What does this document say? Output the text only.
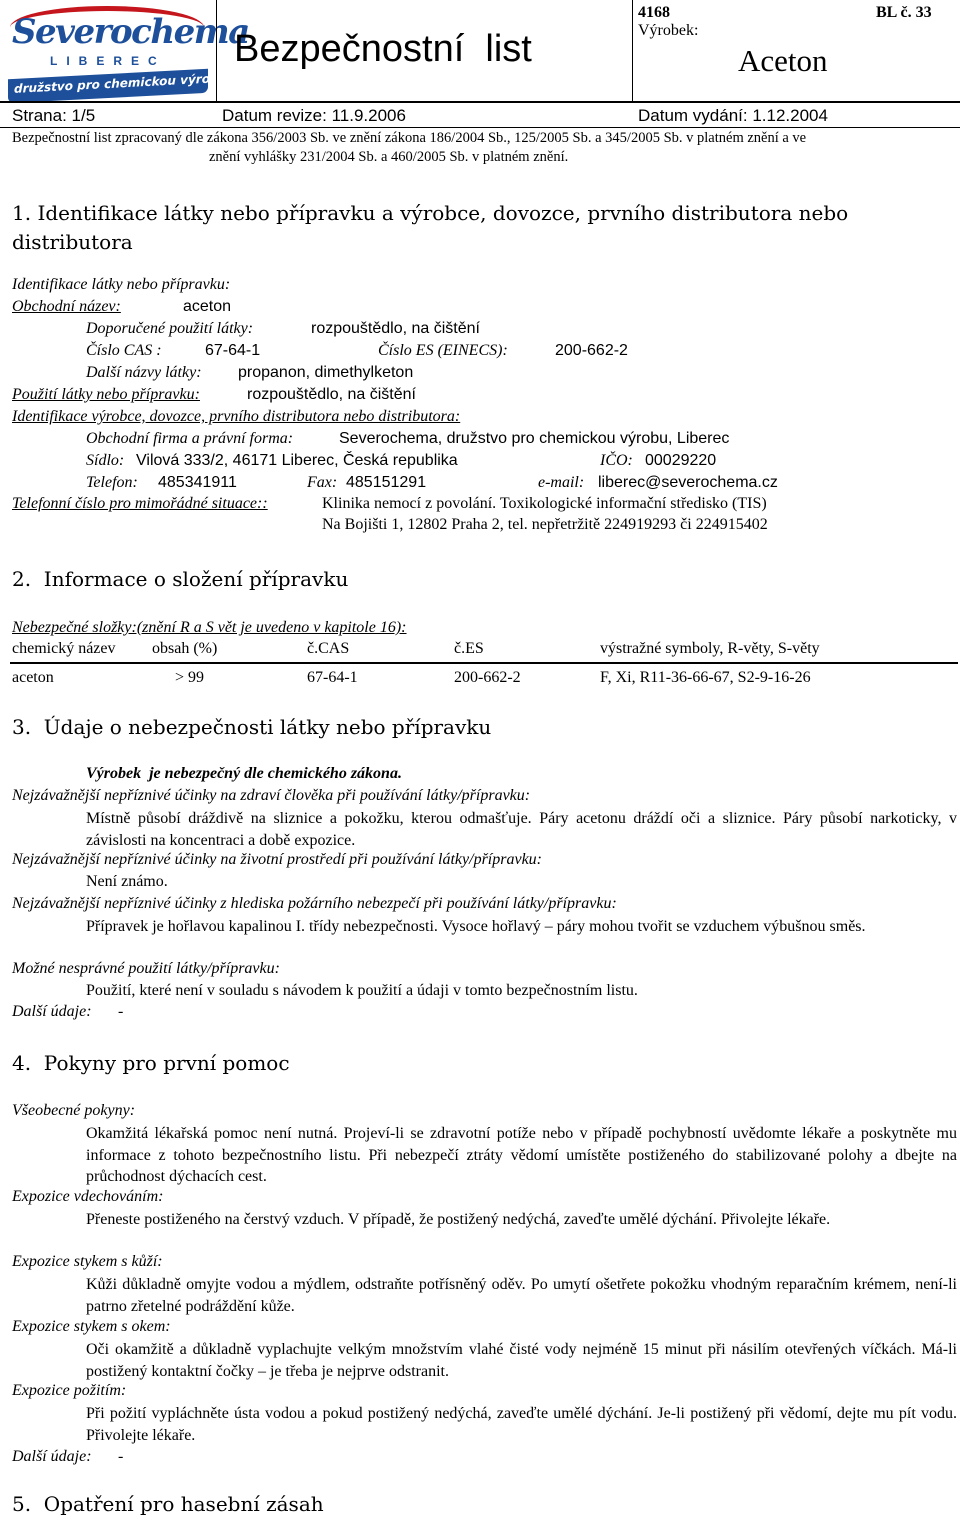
Severochema
LIBEREC
družstvo pro chemickou výrobu
Bezpečnostní  list
4168
Výrobek:
Aceton
BL č. 33
Strana: 1/5	Datum revize: 11.9.2006	Datum vydání: 1.12.2004
Bezpečnostní list zpracovaný dle zákona 356/2003 Sb. ve znění zákona 186/2004 Sb., 125/2005 Sb. a 345/2005 Sb. v platném znění a ve
znění vyhlášky 231/2004 Sb. a 460/2005 Sb. v platném znění.
1. Identifikace látky nebo přípravku a výrobce, dovozce, prvního distributora nebo
distributora
Identifikace látky nebo přípravku:
Obchodní název:	aceton
Doporučené použití látky:	rozpouštědlo, na čištění
Číslo CAS :	67-64-1	Číslo ES (EINECS):	200-662-2
Další názvy látky: propanon, dimethylketon
Použití látky nebo přípravku:	rozpouštědlo, na čištění
Identifikace výrobce, dovozce, prvního distributora nebo distributora:
Obchodní firma a právní forma:	Severochema, družstvo pro chemickou výrobu, Liberec
Sídlo: Vilová 333/2, 46171 Liberec, Česká republika	IČO: 00029220
Telefon: 485341911	Fax: 485151291	e-mail: liberec@severochema.cz
Telefonní číslo pro mimořádné situace::	Klinika nemocí z povolání. Toxikologické informační středisko (TIS)
Na Bojišti 1, 12802 Praha 2, tel. nepřetržitě 224919293 či 224915402
2.  Informace o složení přípravku
Nebezpečné složky:(znění R a S vět je uvedeno v kapitole 16):
chemický název obsah (%)	č.CAS	č.ES	výstražné symboly, R-věty, S-věty
aceton	> 99	67-64-1	200-662-2	F, Xi, R11-36-66-67, S2-9-16-26
3.  Údaje o nebezpečnosti látky nebo přípravku
Výrobek  je nebezpečný dle chemického zákona.
Nejzávažnější nepříznivé účinky na zdraví člověka při používání látky/přípravku:
Místně působí dráždivě na sliznice a pokožku, kterou odmašťuje. Páry acetonu dráždí oči a sliznice. Páry působí narkoticky, v závislosti na koncentraci a době expozice.
Nejzávažnější nepříznivé účinky na životní prostředí při používání látky/přípravku:
Není známo.
Nejzávažnější nepříznivé účinky z hlediska požárního nebezpečí při používání látky/přípravku:
Přípravek je hořlavou kapalinou I. třídy nebezpečnosti. Vysoce hořlavý – páry mohou tvořit se vzduchem výbušnou směs.
Možné nesprávné použití látky/přípravku:
Použití, které není v souladu s návodem k použití a údaji v tomto bezpečnostním listu.
Další údaje: -
4.  Pokyny pro první pomoc
Všeobecné pokyny:
Okamžitá lékařská pomoc není nutná. Projeví-li se zdravotní potíže nebo v případě pochybností uvědomte lékaře a poskytněte mu informace z tohoto bezpečnostního listu. Při nebezpečí ztráty vědomí umístěte postiženého do stabilizované polohy a dbejte na průchodnost dýchacích cest.
Expozice vdechováním:
Přeneste postiženého na čerstvý vzduch. V případě, že postižený nedýchá, zaveďte umělé dýchání. Přivolejte lékaře.
Expozice stykem s kůží:
Kůži důkladně omyjte vodou a mýdlem, odstraňte potřísněný oděv. Po umytí ošetřete pokožku vhodným reparačním krémem, není-li patrno zřetelné podráždění kůže.
Expozice stykem s okem:
Oči okamžitě a důkladně vyplachujte velkým množstvím vlahé čisté vody nejméně 15 minut při násilím otevřených víčkách. Má-li postižený kontaktní čočky – je třeba je nejprve odstranit.
Expozice požitím:
Při požití vypláchněte ústa vodou a pokud postižený nedýchá, zaveďte umělé dýchání. Je-li postižený při vědomí, dejte mu pít vodu. Přivolejte lékaře.
Další údaje: -
5.  Opatření pro hasební zásah
